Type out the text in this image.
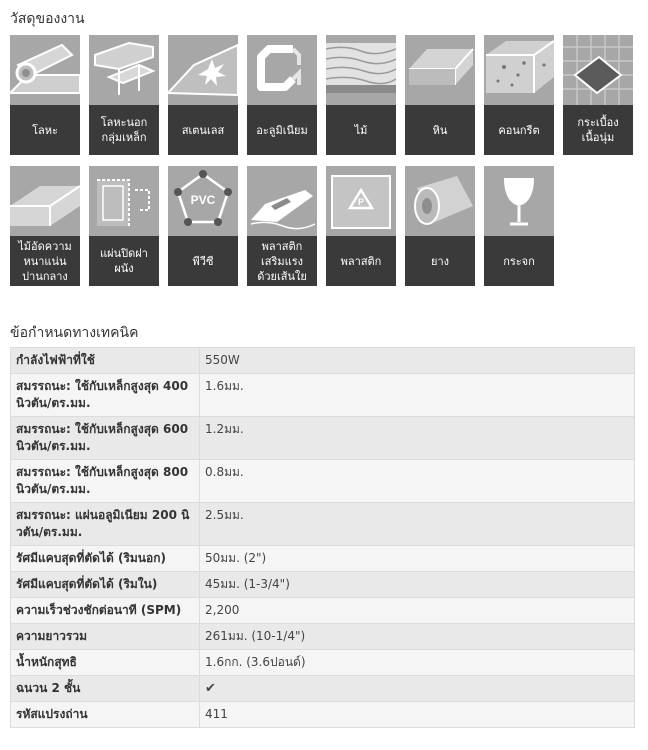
วัสดุของงาน
โลหะ
โลหะนอก
กลุ่มเหล็ก
สเตนเลส	อะลูมิเนียม	ไม้	หิน	คอนกรีต
กระเบื้อง
เนื้อนุ่ม
ไม้อัดความ
หนาแน่น
ปานกลาง
แผ่นปิดฝา
ผนัง
PVC
พีวีซี
พลาสติก
เสริมแรง
ด้วยเส้นใย
P
พลาสติก	ยาง	กระจก
ข้อกำหนดทางเทคนิค
กำลังไฟฟ้าที่ใช้	550W
สมรรถนะ: ใช้กับเหล็กสูงสุด 400 นิวตัน/ตร.มม.	1.6มม.
สมรรถนะ: ใช้กับเหล็กสูงสุด 600 นิวตัน/ตร.มม.	1.2มม.
สมรรถนะ: ใช้กับเหล็กสูงสุด 800 นิวตัน/ตร.มม.	0.8มม.
สมรรถนะ: แผ่นอลูมิเนียม 200 นิวตัน/ตร.มม.	2.5มม.
รัศมีแคบสุดที่ตัดได้ (ริมนอก)	50มม. (2")
รัศมีแคบสุดที่ตัดได้ (ริมใน)	45มม. (1-3/4")
ความเร็วช่วงชักต่อนาที (SPM)	2,200
ความยาวรวม	261มม. (10-1/4")
น้ำหนักสุทธิ	1.6กก. (3.6ปอนด์)
ฉนวน 2 ชั้น	✔
รหัสแปรงถ่าน	411
